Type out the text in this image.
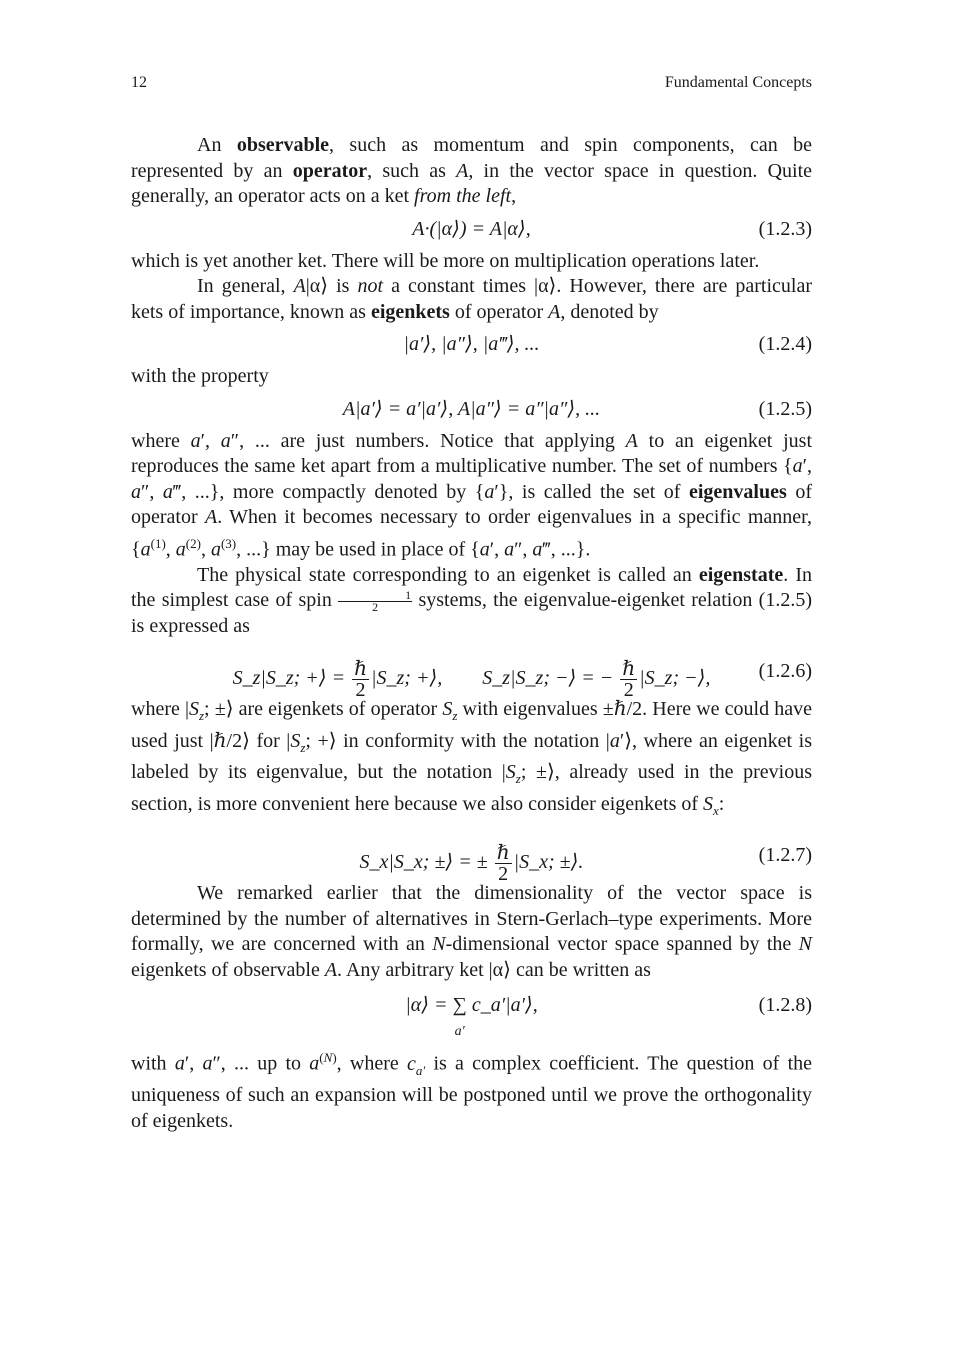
12	Fundamental Concepts

An observable, such as momentum and spin components, can be represented by an operator, such as A, in the vector space in question. Quite generally, an operator acts on a ket from the left,

A·(|α⟩) = A|α⟩,	(1.2.3)

which is yet another ket. There will be more on multiplication operations later.

In general, A|α⟩ is not a constant times |α⟩. However, there are particular kets of importance, known as eigenkets of operator A, denoted by

|a′⟩, |a″⟩, |a‴⟩, ...	(1.2.4)

with the property

A|a′⟩ = a′|a′⟩, A|a″⟩ = a″|a″⟩, ...	(1.2.5)

where a′, a″, ... are just numbers. Notice that applying A to an eigenket just reproduces the same ket apart from a multiplicative number. The set of numbers {a′, a″, a‴, ...}, more compactly denoted by {a′}, is called the set of eigenvalues of operator A. When it becomes necessary to order eigenvalues in a specific manner, {$a^{(1)}$, $a^{(2)}$, $a^{(3)}$, ...} may be used in place of {a′, a″, a‴, ...}.

The physical state corresponding to an eigenket is called an eigenstate. In the simplest case of spin $\frac{1}{2}$ systems, the eigenvalue-eigenket relation (1.2.5) is expressed as

S_z|S_z; +⟩ = $\frac{\text{ℏ}}{2}$ |S_z; +⟩, S_z|S_z; −⟩ = − $\frac{\text{ℏ}}{2}$ |S_z; −⟩,	(1.2.6)

where $|S_z$; ±⟩ are eigenkets of operator $S_z$ with eigenvalues ±ℏ/2. Here we could have used just |ℏ/2⟩ for $|S_z$; +⟩ in conformity with the notation |a′⟩, where an eigenket is labeled by its eigenvalue, but the notation $|S_z$; ±⟩, already used in the previous section, is more convenient here because we also consider eigenkets of $S_x$:

S_x|S_x; ±⟩ = ± $\frac{\text{ℏ}}{2}$ |S_x; ±⟩.	(1.2.7)

We remarked earlier that the dimensionality of the vector space is determined by the number of alternatives in Stern-Gerlach–type experiments. More formally, we are concerned with an N-dimensional vector space spanned by the N eigenkets of observable A. Any arbitrary ket |α⟩ can be written as

|α⟩ = ∑
a′
c_a′|a′⟩,	(1.2.8)

with a′, a″, ... up to $a^{(N)}$, where $c_{a'}$ is a complex coefficient. The question of the uniqueness of such an expansion will be postponed until we prove the orthogonality of eigenkets.
